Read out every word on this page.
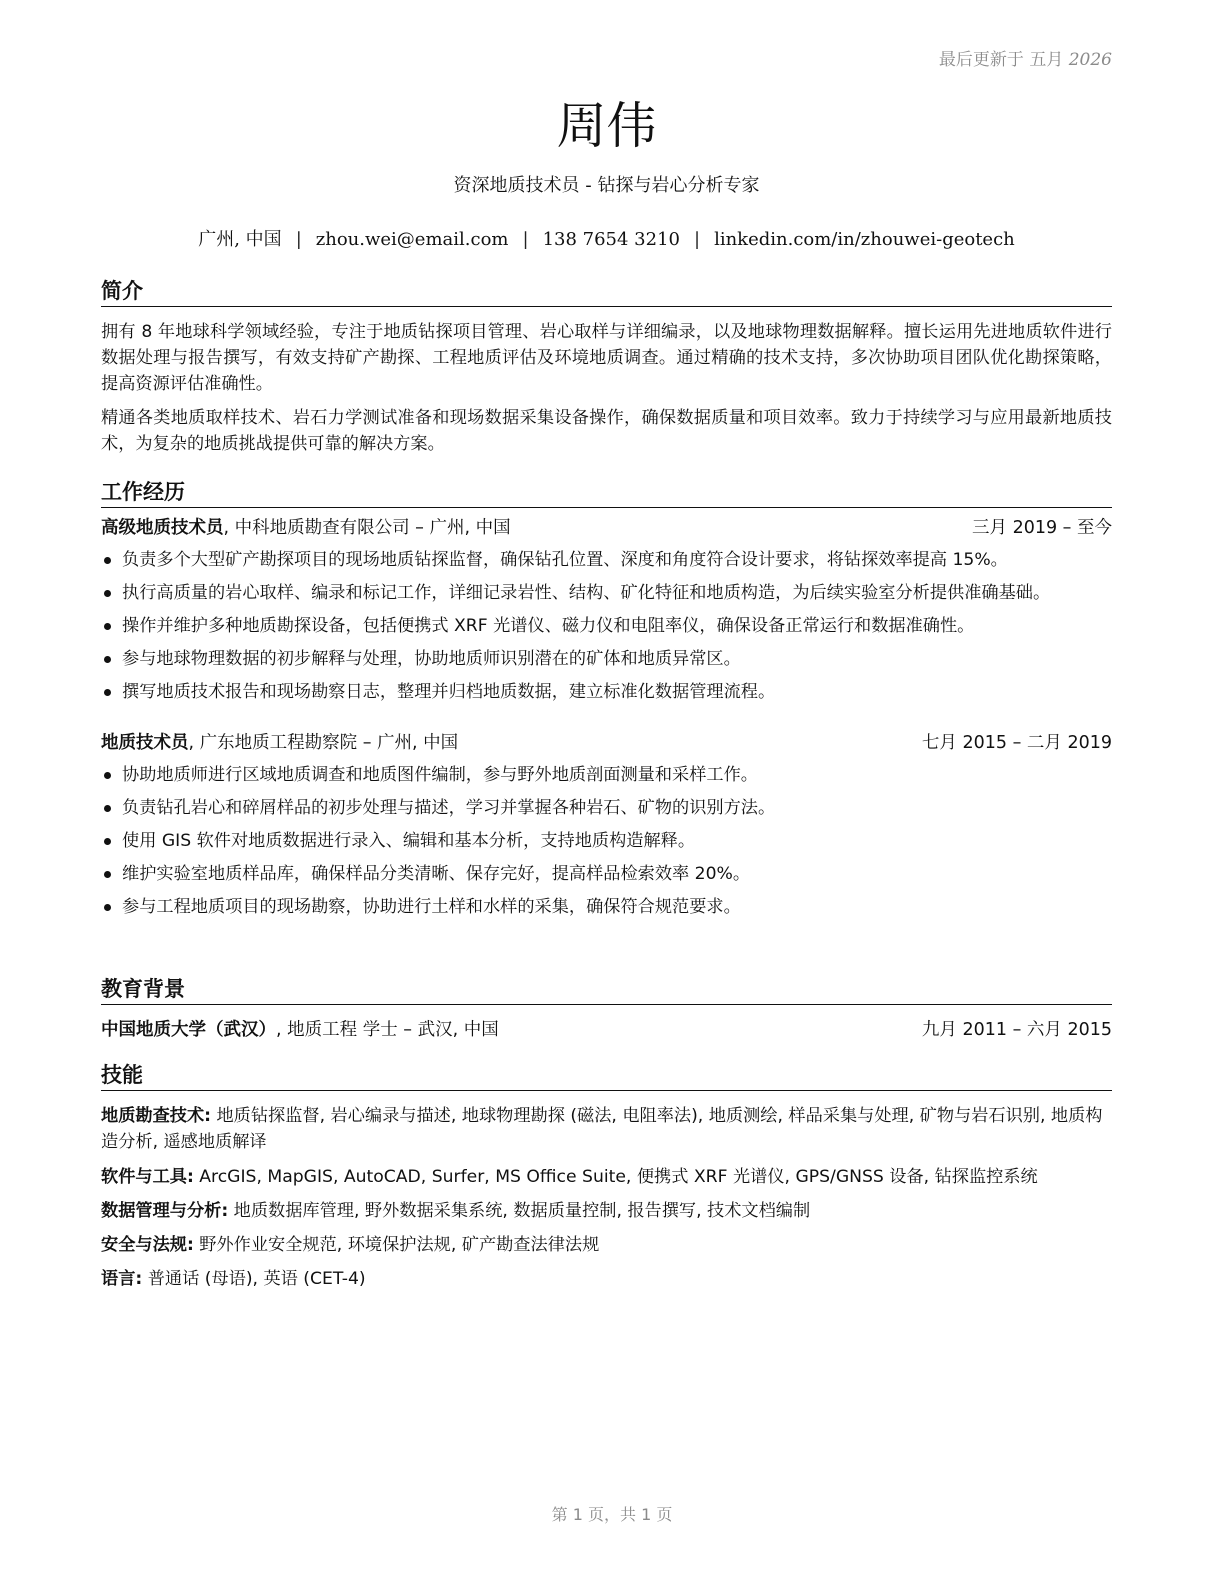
最后更新于 五月 2026
周伟
资深地质技术员 - 钻探与岩心分析专家
广州, 中国 | zhou.wei@email.com | 138 7654 3210 | linkedin.com/in/zhouwei-geotech
简介

拥有 8 年地球科学领域经验，专注于地质钻探项目管理、岩心取样与详细编录，以及地球物理数据解释。擅长运用先进地质软件进行数据处理与报告撰写，有效支持矿产勘探、工程地质评估及环境地质调查。通过精确的技术支持，多次协助项目团队优化勘探策略，提高资源评估准确性。

精通各类地质取样技术、岩石力学测试准备和现场数据采集设备操作，确保数据质量和项目效率。致力于持续学习与应用最新地质技术，为复杂的地质挑战提供可靠的解决方案。

工作经历
高级地质技术员, 中科地质勘查有限公司 – 广州, 中国	三月 2019 – 至今
负责多个大型矿产勘探项目的现场地质钻探监督，确保钻孔位置、深度和角度符合设计要求，将钻探效率提高 15%。
执行高质量的岩心取样、编录和标记工作，详细记录岩性、结构、矿化特征和地质构造，为后续实验室分析提供准确基础。
操作并维护多种地质勘探设备，包括便携式 XRF 光谱仪、磁力仪和电阻率仪，确保设备正常运行和数据准确性。
参与地球物理数据的初步解释与处理，协助地质师识别潜在的矿体和地质异常区。
撰写地质技术报告和现场勘察日志，整理并归档地质数据，建立标准化数据管理流程。
地质技术员, 广东地质工程勘察院 – 广州, 中国	七月 2015 – 二月 2019
协助地质师进行区域地质调查和地质图件编制，参与野外地质剖面测量和采样工作。
负责钻孔岩心和碎屑样品的初步处理与描述，学习并掌握各种岩石、矿物的识别方法。
使用 GIS 软件对地质数据进行录入、编辑和基本分析，支持地质构造解释。
维护实验室地质样品库，确保样品分类清晰、保存完好，提高样品检索效率 20%。
参与工程地质项目的现场勘察，协助进行土样和水样的采集，确保符合规范要求。
教育背景
中国地质大学（武汉）, 地质工程 学士 – 武汉, 中国	九月 2011 – 六月 2015
技能
地质勘查技术: 地质钻探监督, 岩心编录与描述, 地球物理勘探 (磁法, 电阻率法), 地质测绘, 样品采集与处理, 矿物与岩石识别, 地质构造分析, 遥感地质解译
软件与工具: ArcGIS, MapGIS, AutoCAD, Surfer, MS Office Suite, 便携式 XRF 光谱仪, GPS/GNSS 设备, 钻探监控系统
数据管理与分析: 地质数据库管理, 野外数据采集系统, 数据质量控制, 报告撰写, 技术文档编制
安全与法规: 野外作业安全规范, 环境保护法规, 矿产勘查法律法规
语言: 普通话 (母语), 英语 (CET-4)
第 1 页，共 1 页
